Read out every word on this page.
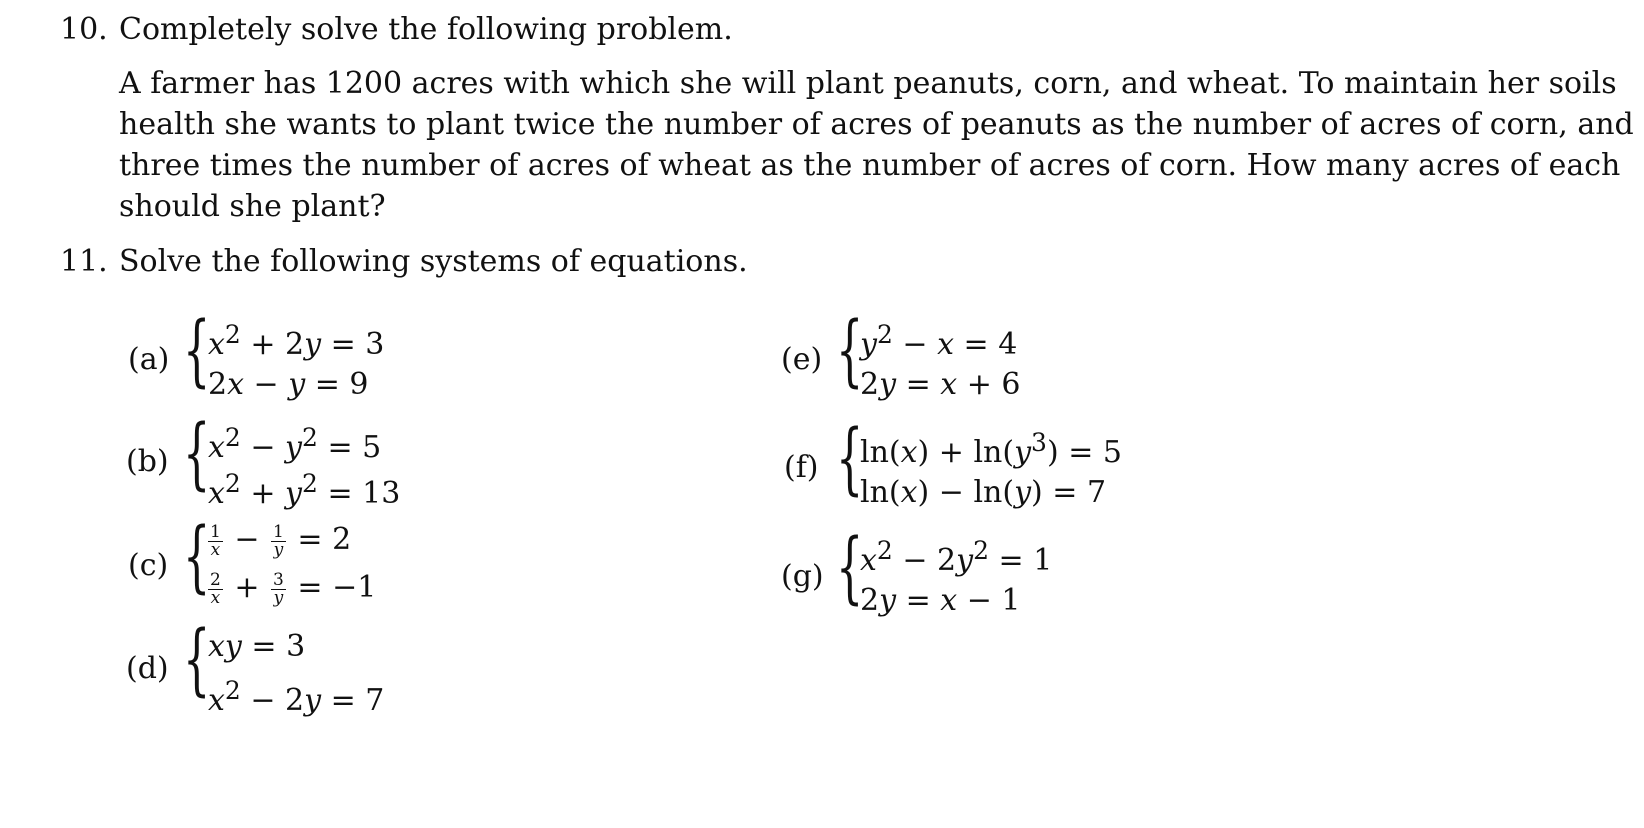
10. Completely solve the following problem.
A farmer has 1200 acres with which she will plant peanuts, corn, and wheat. To maintain her soils
health she wants to plant twice the number of acres of peanuts as the number of acres of corn, and
three times the number of acres of wheat as the number of acres of corn. How many acres of each
should she plant?
11. Solve the following systems of equations.
(a) {
$x^2 + 2y = 3$
2x − y = 9
(b) {
$x^2 - y^2 = 5$
$x^2 + y^2 = 13$
(c) {
$\frac{1}{x} - \frac{1}{y} = 2$
$\frac{2}{x} + \frac{3}{y} = -1$
(d) {
xy = 3
$x^2 - 2y = 7$
(e) {
$y^2 - x = 4$
2y = x + 6
(f) {
$\ln(x) + \ln(y^3) = 5$
ln(x) − ln(y) = 7
(g) {
$x^2 - 2y^2 = 1$
2y = x − 1
